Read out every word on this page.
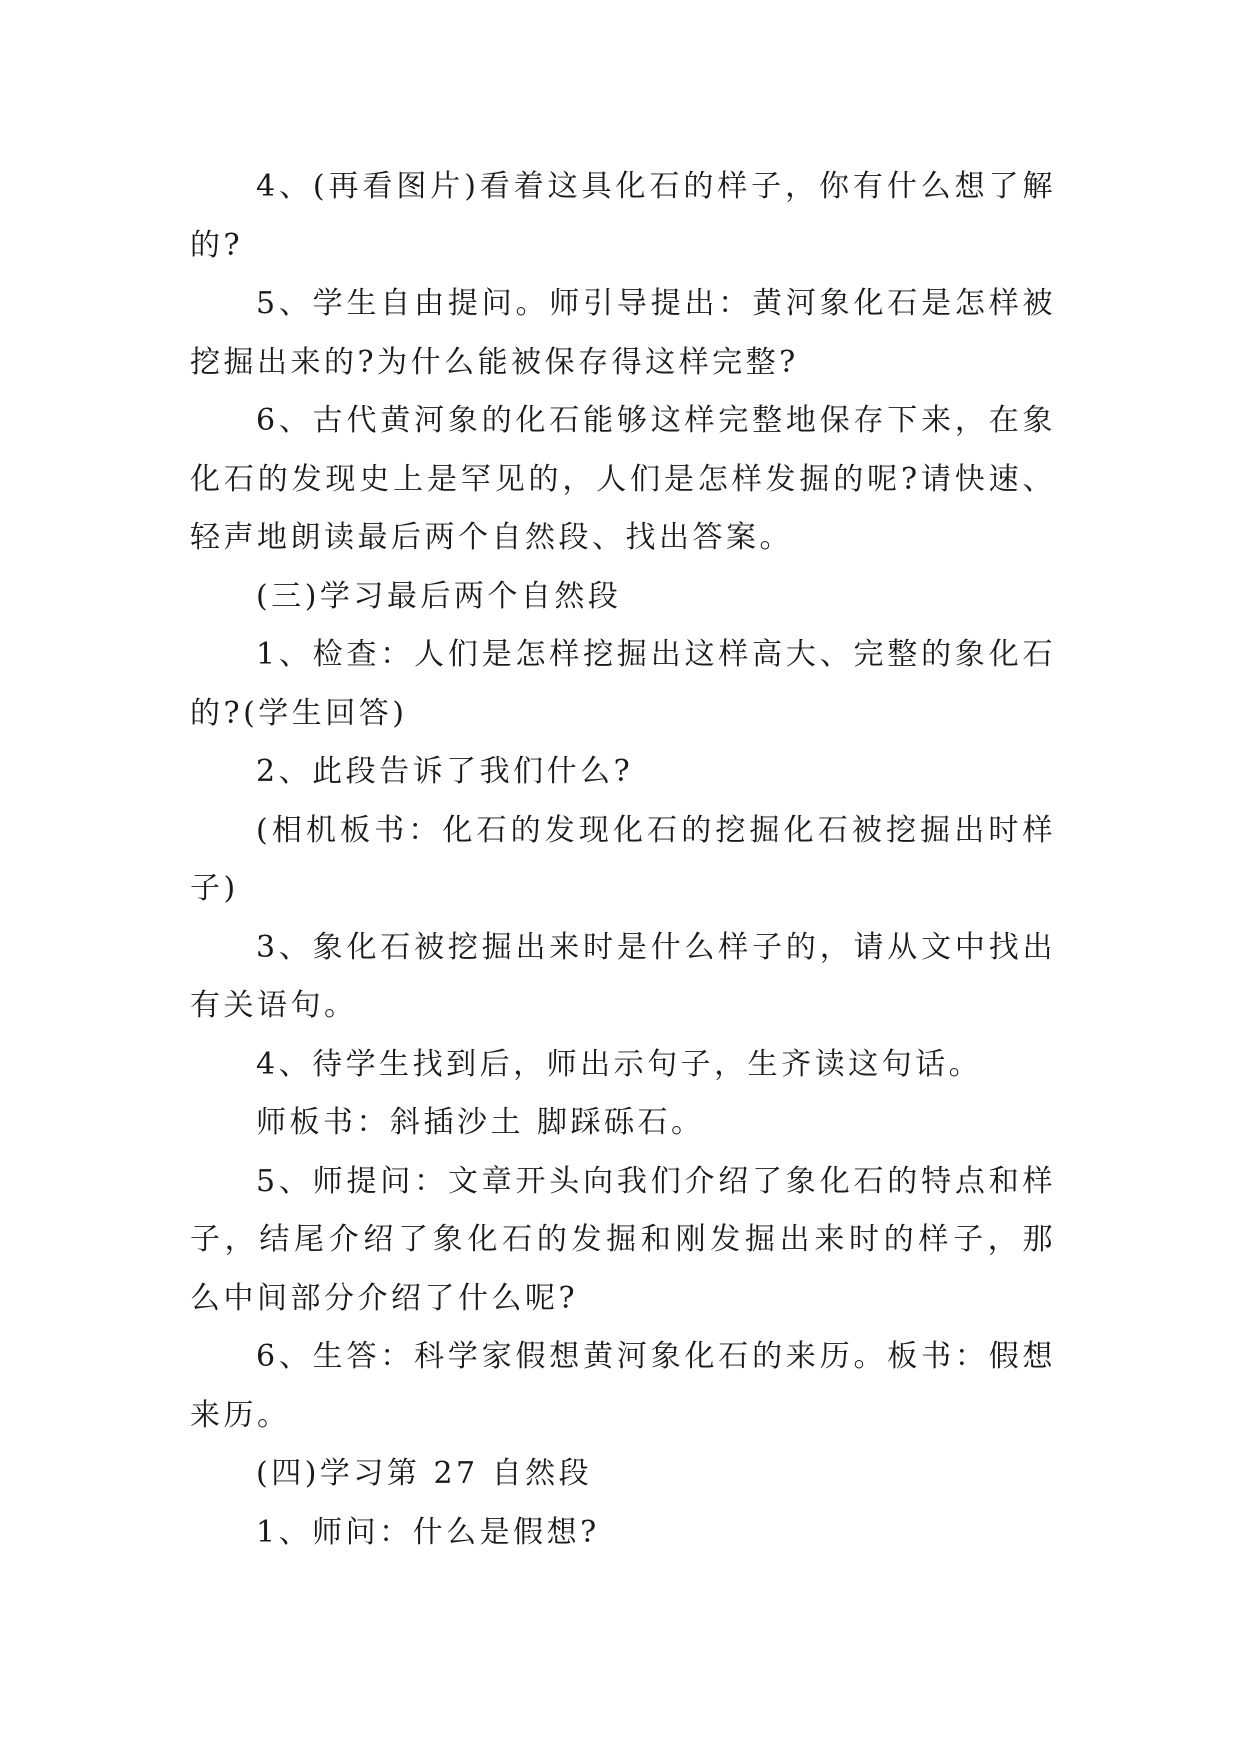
4、(再看图片)看着这具化石的样子，你有什么想了解的?

5、学生自由提问。师引导提出：黄河象化石是怎样被挖掘出来的?为什么能被保存得这样完整?

6、古代黄河象的化石能够这样完整地保存下来，在象化石的发现史上是罕见的，人们是怎样发掘的呢?请快速、轻声地朗读最后两个自然段、找出答案。

(三)学习最后两个自然段

1、检查：人们是怎样挖掘出这样高大、完整的象化石的?(学生回答)

2、此段告诉了我们什么?

(相机板书：化石的发现化石的挖掘化石被挖掘出时样子)

3、象化石被挖掘出来时是什么样子的，请从文中找出有关语句。

4、待学生找到后，师出示句子，生齐读这句话。

师板书：斜插沙土 脚踩砾石。

5、师提问：文章开头向我们介绍了象化石的特点和样子，结尾介绍了象化石的发掘和刚发掘出来时的样子，那么中间部分介绍了什么呢?

6、生答：科学家假想黄河象化石的来历。板书：假想来历。

(四)学习第 27 自然段

1、师问：什么是假想?
